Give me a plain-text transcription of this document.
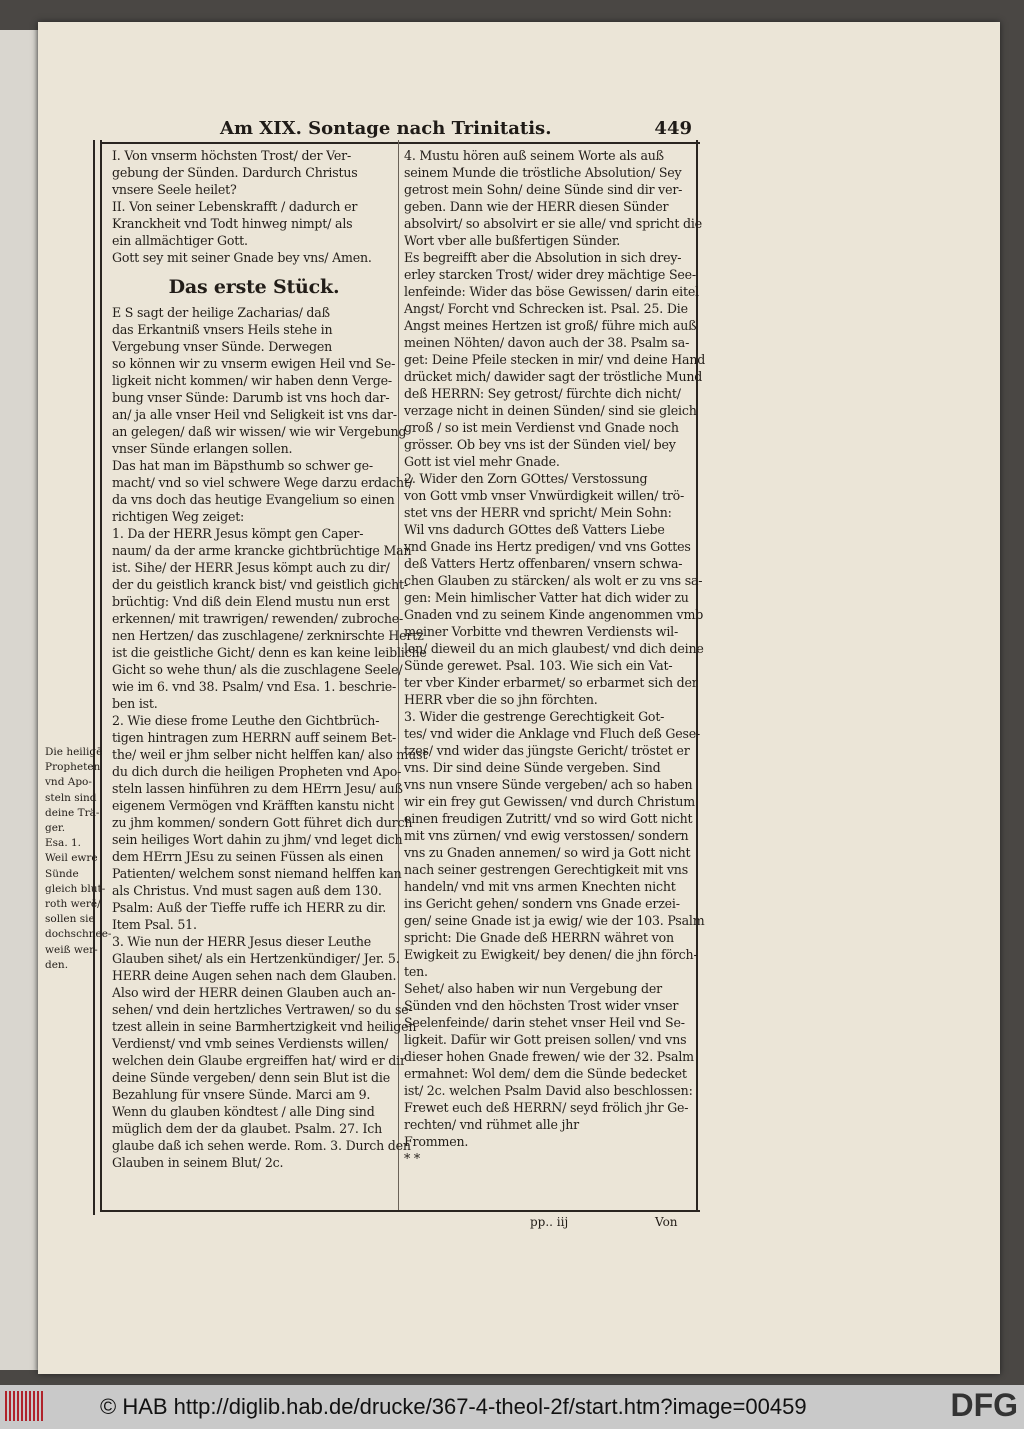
Am XIX. Sontage nach Trinitatis.	449
I. Von vnserm höchsten Trost/ der Ver-
gebung der Sünden. Dardurch Christus
vnsere Seele heilet?
II. Von seiner Lebenskrafft / dadurch er
Kranckheit vnd Todt hinweg nimpt/ als
ein allmächtiger Gott.
Gott sey mit seiner Gnade bey vns/ Amen.
Das erste Stück.
E S sagt der heilige Zacharias/ daß
das Erkantniß vnsers Heils stehe in
Vergebung vnser Sünde. Derwegen
so können wir zu vnserm ewigen Heil vnd Se-
ligkeit nicht kommen/ wir haben denn Verge-
bung vnser Sünde: Darumb ist vns hoch dar-
an/ ja alle vnser Heil vnd Seligkeit ist vns dar-
an gelegen/ daß wir wissen/ wie wir Vergebung
vnser Sünde erlangen sollen.
Das hat man im Bäpsthumb so schwer ge-
macht/ vnd so viel schwere Wege darzu erdacht/
da vns doch das heutige Evangelium so einen
richtigen Weg zeiget:
1. Da der HERR Jesus kömpt gen Caper-
naum/ da der arme krancke gichtbrüchtige Man
ist. Sihe/ der HERR Jesus kömpt auch zu dir/
der du geistlich kranck bist/ vnd geistlich gicht-
brüchtig: Vnd diß dein Elend mustu nun erst
erkennen/ mit trawrigen/ rewenden/ zubroche-
nen Hertzen/ das zuschlagene/ zerknirschte Hertz
ist die geistliche Gicht/ denn es kan keine leibliche
Gicht so wehe thun/ als die zuschlagene Seele/
wie im 6. vnd 38. Psalm/ vnd Esa. 1. beschrie-
ben ist.
2. Wie diese frome Leuthe den Gichtbrüch-
tigen hintragen zum HERRN auff seinem Bet-
the/ weil er jhm selber nicht helffen kan/ also must
du dich durch die heiligen Propheten vnd Apo-
steln lassen hinführen zu dem HErrn Jesu/ auß
eigenem Vermögen vnd Kräfften kanstu nicht
zu jhm kommen/ sondern Gott führet dich durch
sein heiliges Wort dahin zu jhm/ vnd leget dich
dem HErrn JEsu zu seinen Füssen als einen
Patienten/ welchem sonst niemand helffen kan
als Christus. Vnd must sagen auß dem 130.
Psalm: Auß der Tieffe ruffe ich HERR zu dir.
Item Psal. 51.
3. Wie nun der HERR Jesus dieser Leuthe
Glauben sihet/ als ein Hertzenkündiger/ Jer. 5.
HERR deine Augen sehen nach dem Glauben.
Also wird der HERR deinen Glauben auch an-
sehen/ vnd dein hertzliches Vertrawen/ so du se-
tzest allein in seine Barmhertzigkeit vnd heiligen
Verdienst/ vnd vmb seines Verdiensts willen/
welchen dein Glaube ergreiffen hat/ wird er dir
deine Sünde vergeben/ denn sein Blut ist die
Bezahlung für vnsere Sünde. Marci am 9.
Wenn du glauben köndtest / alle Ding sind
müglich dem der da glaubet. Psalm. 27. Ich
glaube daß ich sehen werde. Rom. 3. Durch den
Glauben in seinem Blut/ 2c.
4. Mustu hören auß seinem Worte als auß
seinem Munde die tröstliche Absolution/ Sey
getrost mein Sohn/ deine Sünde sind dir ver-
geben. Dann wie der HERR diesen Sünder
absolvirt/ so absolvirt er sie alle/ vnd spricht die
Wort vber alle bußfertigen Sünder.
Es begreifft aber die Absolution in sich drey-
erley starcken Trost/ wider drey mächtige See-
lenfeinde: Wider das böse Gewissen/ darin eitel
Angst/ Forcht vnd Schrecken ist. Psal. 25. Die
Angst meines Hertzen ist groß/ führe mich auß
meinen Nöhten/ davon auch der 38. Psalm sa-
get: Deine Pfeile stecken in mir/ vnd deine Hand
drücket mich/ dawider sagt der tröstliche Mund
deß HERRN: Sey getrost/ fürchte dich nicht/
verzage nicht in deinen Sünden/ sind sie gleich
groß / so ist mein Verdienst vnd Gnade noch
grösser. Ob bey vns ist der Sünden viel/ bey
Gott ist viel mehr Gnade.
2. Wider den Zorn GOttes/ Verstossung
von Gott vmb vnser Vnwürdigkeit willen/ trö-
stet vns der HERR vnd spricht/ Mein Sohn:
Wil vns dadurch GOttes deß Vatters Liebe
vnd Gnade ins Hertz predigen/ vnd vns Gottes
deß Vatters Hertz offenbaren/ vnsern schwa-
chen Glauben zu stärcken/ als wolt er zu vns sa-
gen: Mein himlischer Vatter hat dich wider zu
Gnaden vnd zu seinem Kinde angenommen vmb
meiner Vorbitte vnd thewren Verdiensts wil-
len/ dieweil du an mich glaubest/ vnd dich deine
Sünde gerewet. Psal. 103. Wie sich ein Vat-
ter vber Kinder erbarmet/ so erbarmet sich der
HERR vber die so jhn förchten.
3. Wider die gestrenge Gerechtigkeit Got-
tes/ vnd wider die Anklage vnd Fluch deß Gese-
tzes/ vnd wider das jüngste Gericht/ tröstet er
vns. Dir sind deine Sünde vergeben. Sind
vns nun vnsere Sünde vergeben/ ach so haben
wir ein frey gut Gewissen/ vnd durch Christum
einen freudigen Zutritt/ vnd so wird Gott nicht
mit vns zürnen/ vnd ewig verstossen/ sondern
vns zu Gnaden annemen/ so wird ja Gott nicht
nach seiner gestrengen Gerechtigkeit mit vns
handeln/ vnd mit vns armen Knechten nicht
ins Gericht gehen/ sondern vns Gnade erzei-
gen/ seine Gnade ist ja ewig/ wie der 103. Psalm
spricht: Die Gnade deß HERRN währet von
Ewigkeit zu Ewigkeit/ bey denen/ die jhn förch-
ten.
Sehet/ also haben wir nun Vergebung der
Sünden vnd den höchsten Trost wider vnser
Seelenfeinde/ darin stehet vnser Heil vnd Se-
ligkeit. Dafür wir Gott preisen sollen/ vnd vns
dieser hohen Gnade frewen/ wie der 32. Psalm
ermahnet: Wol dem/ dem die Sünde bedecket
ist/ 2c. welchen Psalm David also beschlossen:
Frewet euch deß HERRN/ seyd frölich jhr Ge-
rechten/ vnd rühmet alle jhr
Frommen.
* *
Die heiligē
Propheten
vnd Apo-
steln sind
deine Trä-
ger.
Esa. 1.
Weil ewre
Sünde
gleich blut-
roth werē/
sollen sie
dochschnee-
weiß wer-
den.
pp.. iij	Von
© HAB http://diglib.hab.de/drucke/367-4-theol-2f/start.htm?image=00459	DFG
